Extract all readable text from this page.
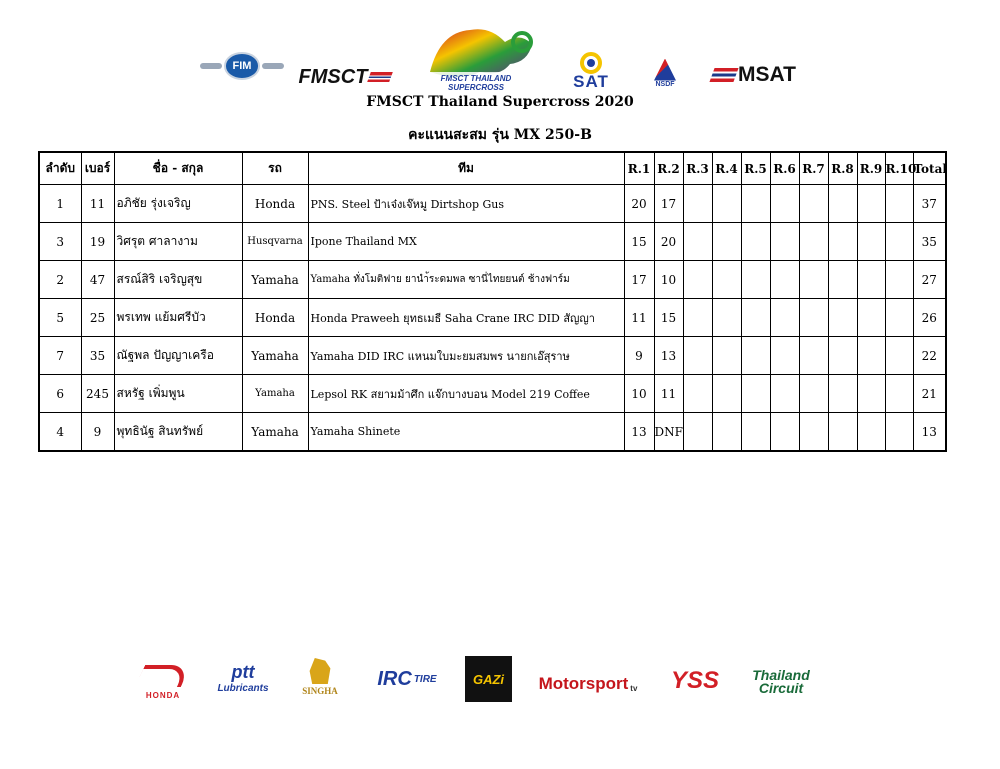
FIM	FMSCT	FMSCT THAILAND SUPERCROSS	SAT	NSDF	MSAT
FMSCT Thailand Supercross 2020
คะแนนสะสม รุ่น MX 250-B
ลำดับ	เบอร์	ชื่อ - สกุล	รถ	ทีม	R.1	R.2	R.3	R.4	R.5	R.6	R.7	R.8	R.9	R.10	Total
1	11	อภิชัย รุ่งเจริญ	Honda	PNS. Steel ป้าเจ๋งเจ๊หมู Dirtshop Gus	20	17									37
3	19	วิศรุต ศาลางาม	Husqvarna	Ipone Thailand MX	15	20									35
2	47	สรณ์สิริ เจริญสุข	Yamaha	Yamaha ทั่งโมติฟาย ยานำ้ระดมพล ซานี่ไทยยนต์ ช้างฟาร์ม	17	10									27
5	25	พรเทพ แย้มศรีบัว	Honda	Honda Praweeh ยุทธเมธี Saha Crane IRC DID สัญญา	11	15									26
7	35	ณัฐพล ปัญญาเครือ	Yamaha	Yamaha DID IRC แหนมใบมะยมสมพร นายกเอ๊สุราษ	9	13									22
6	245	สหรัฐ เพิ่มพูน	Yamaha	Lepsol RK สยามม้าศึก แจ๊กบางบอน Model 219 Coffee	10	11									21
4	9	พุทธินัฐ สินทรัพย์	Yamaha	Yamaha Shinete	13	DNF									13
HONDA
ptt
Lubricants	SINGHA
IRC TIRE	GAZi Motorsport tv YSS Thailand
Circuit
